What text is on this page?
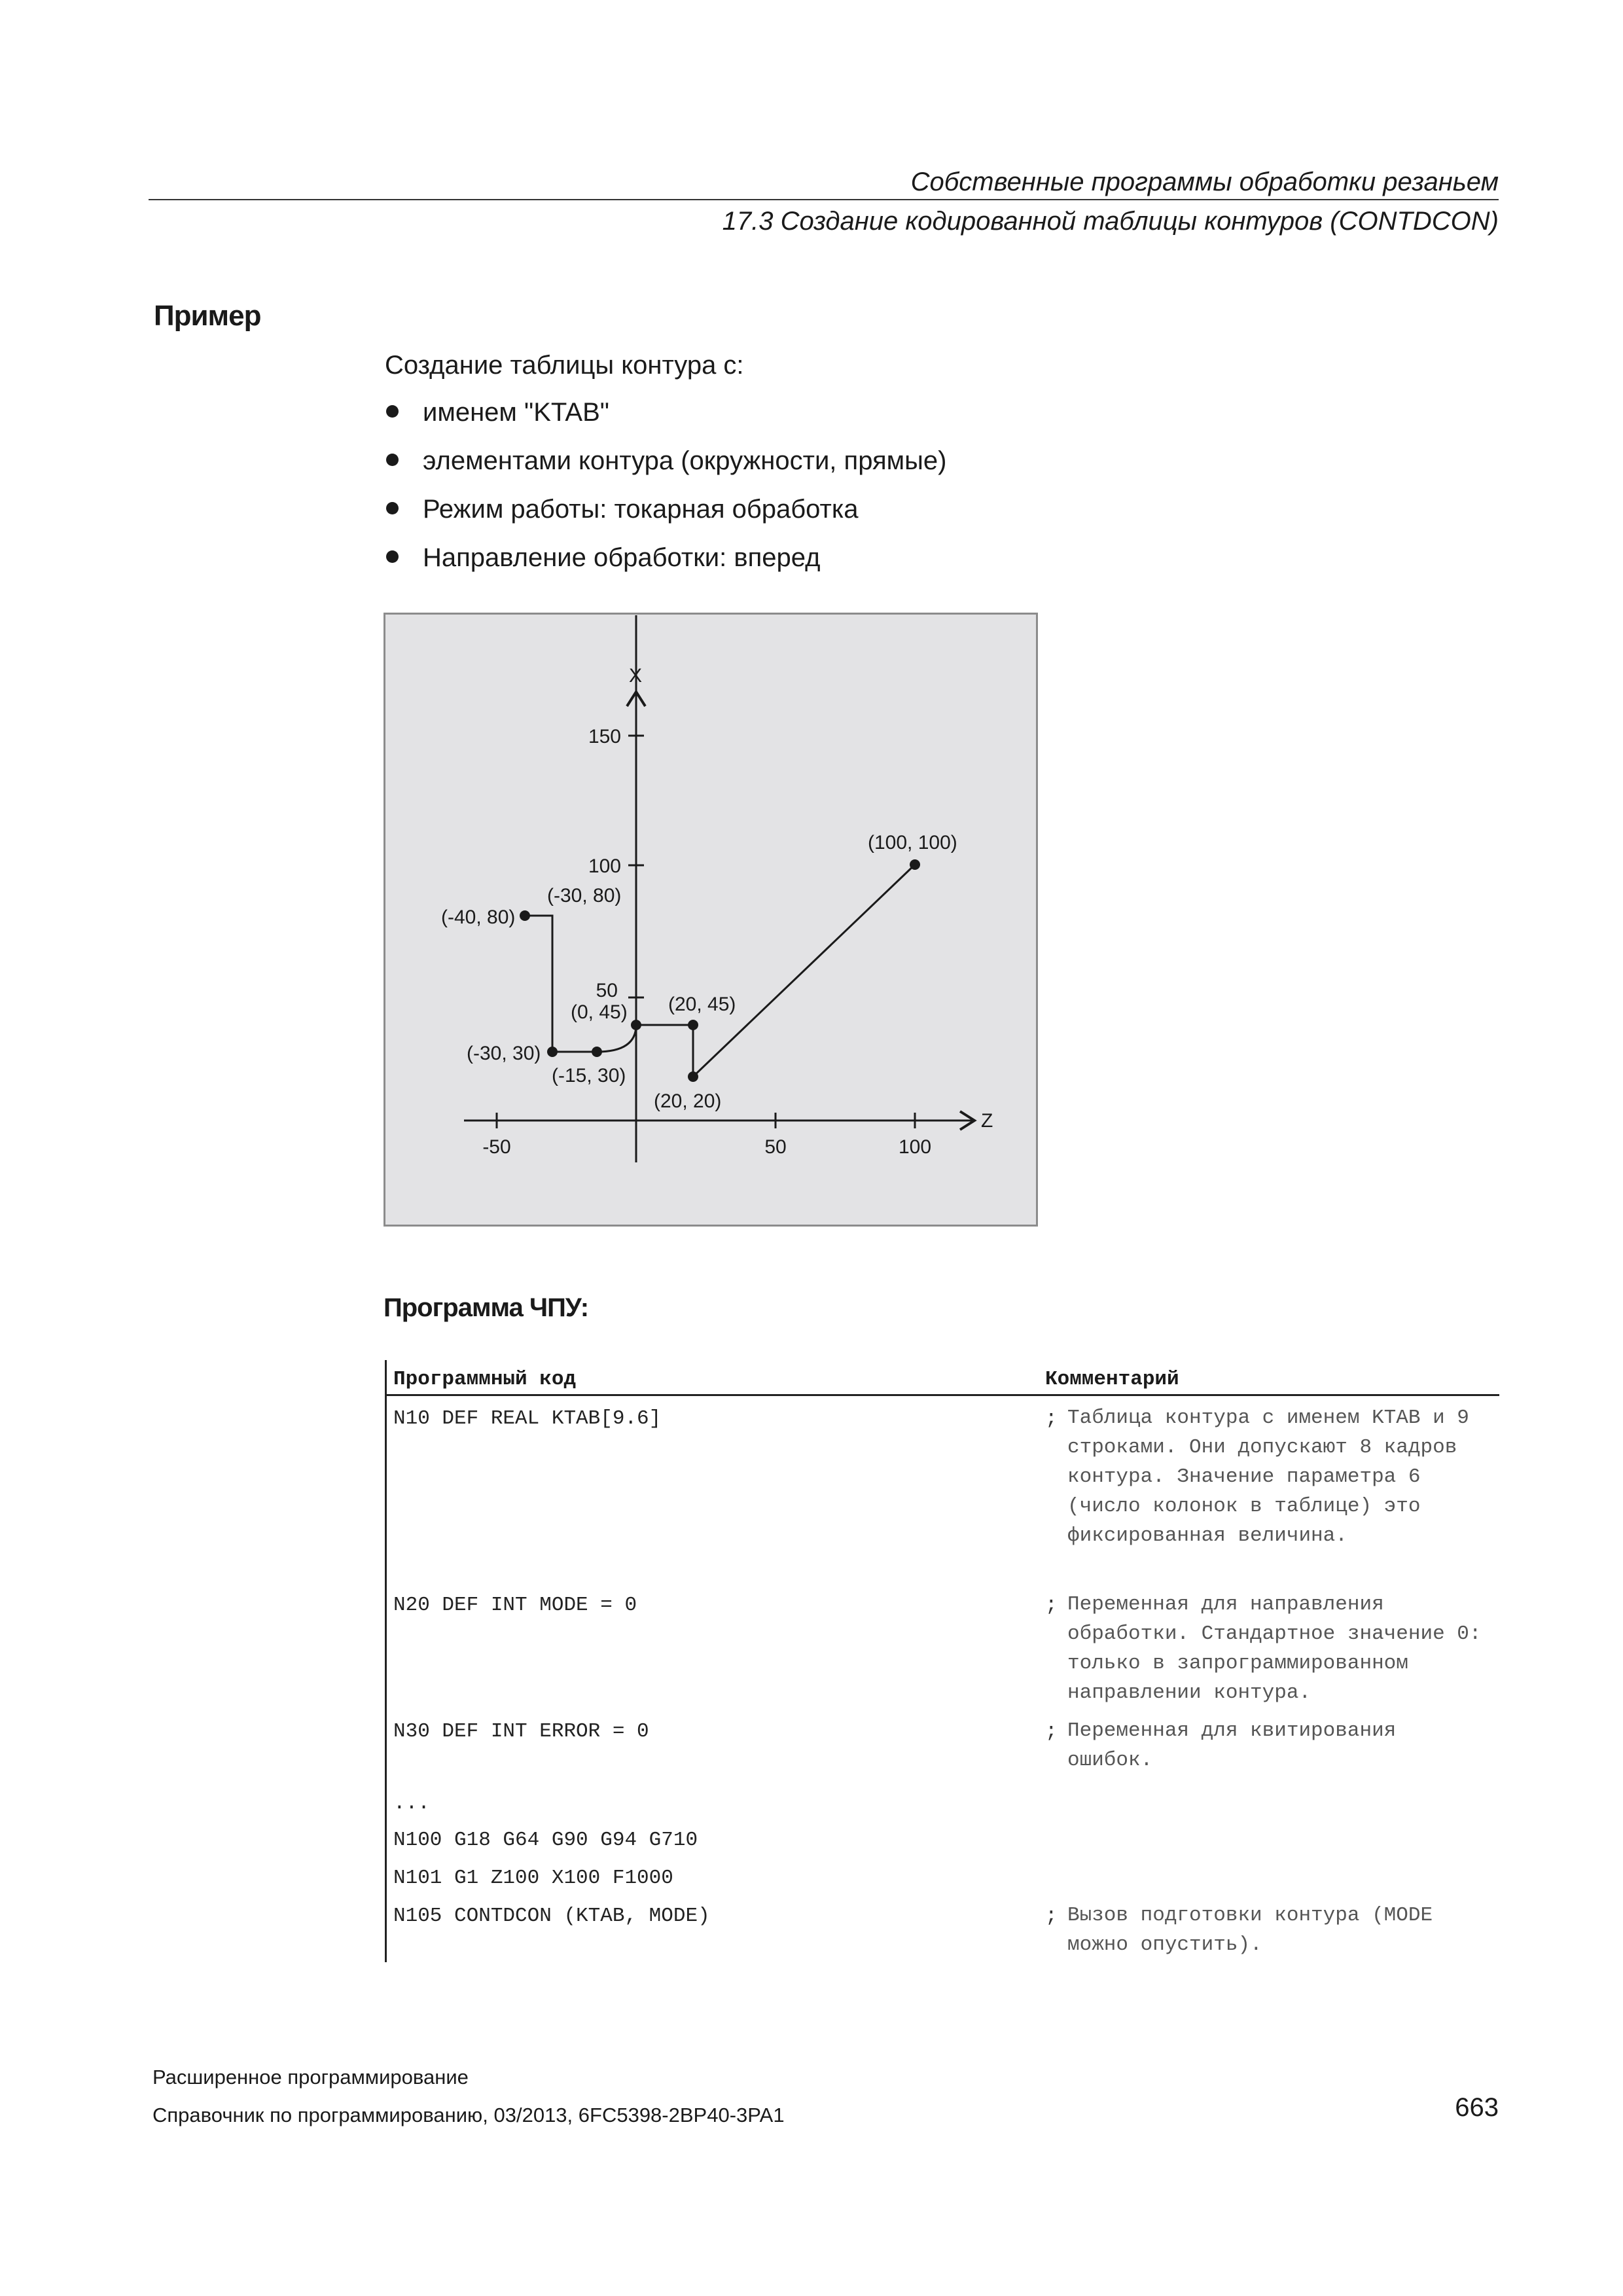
Собственные программы обработки резаньем
17.3 Создание кодированной таблицы контуров (CONTDCON)
Пример
Создание таблицы контура с:
именем "KTAB"
элементами контура (окружности, прямые)
Режим работы: токарная обработка
Направление обработки: вперед
X
Z
150
100
50
-50	50	100
(-40, 80)
(-30, 80)
(-30, 30)
(-15, 30)
(0, 45) (20, 45)
(20, 20)
(100, 100)
Программа ЧПУ:
Программный код	Комментарий
N10 DEF REAL KTAB[9.6]	; Таблица контура с именем KTAB и 9 строками. Они допускают 8 кадров контура. Значение параметра 6 (число колонок в таблице) это фиксированная величина.
N20 DEF INT MODE = 0	; Переменная для направления обработки. Стандартное значение 0: только в запрограммированном направлении контура.
N30 DEF INT ERROR = 0	; Переменная для квитирования ошибок.
...
N100 G18 G64 G90 G94 G710
N101 G1 Z100 X100 F1000
N105 CONTDCON (KTAB, MODE)	; Вызов подготовки контура (MODE можно опустить).
Расширенное программирование
Справочник по программированию, 03/2013, 6FC5398-2BP40-3PA1	663
